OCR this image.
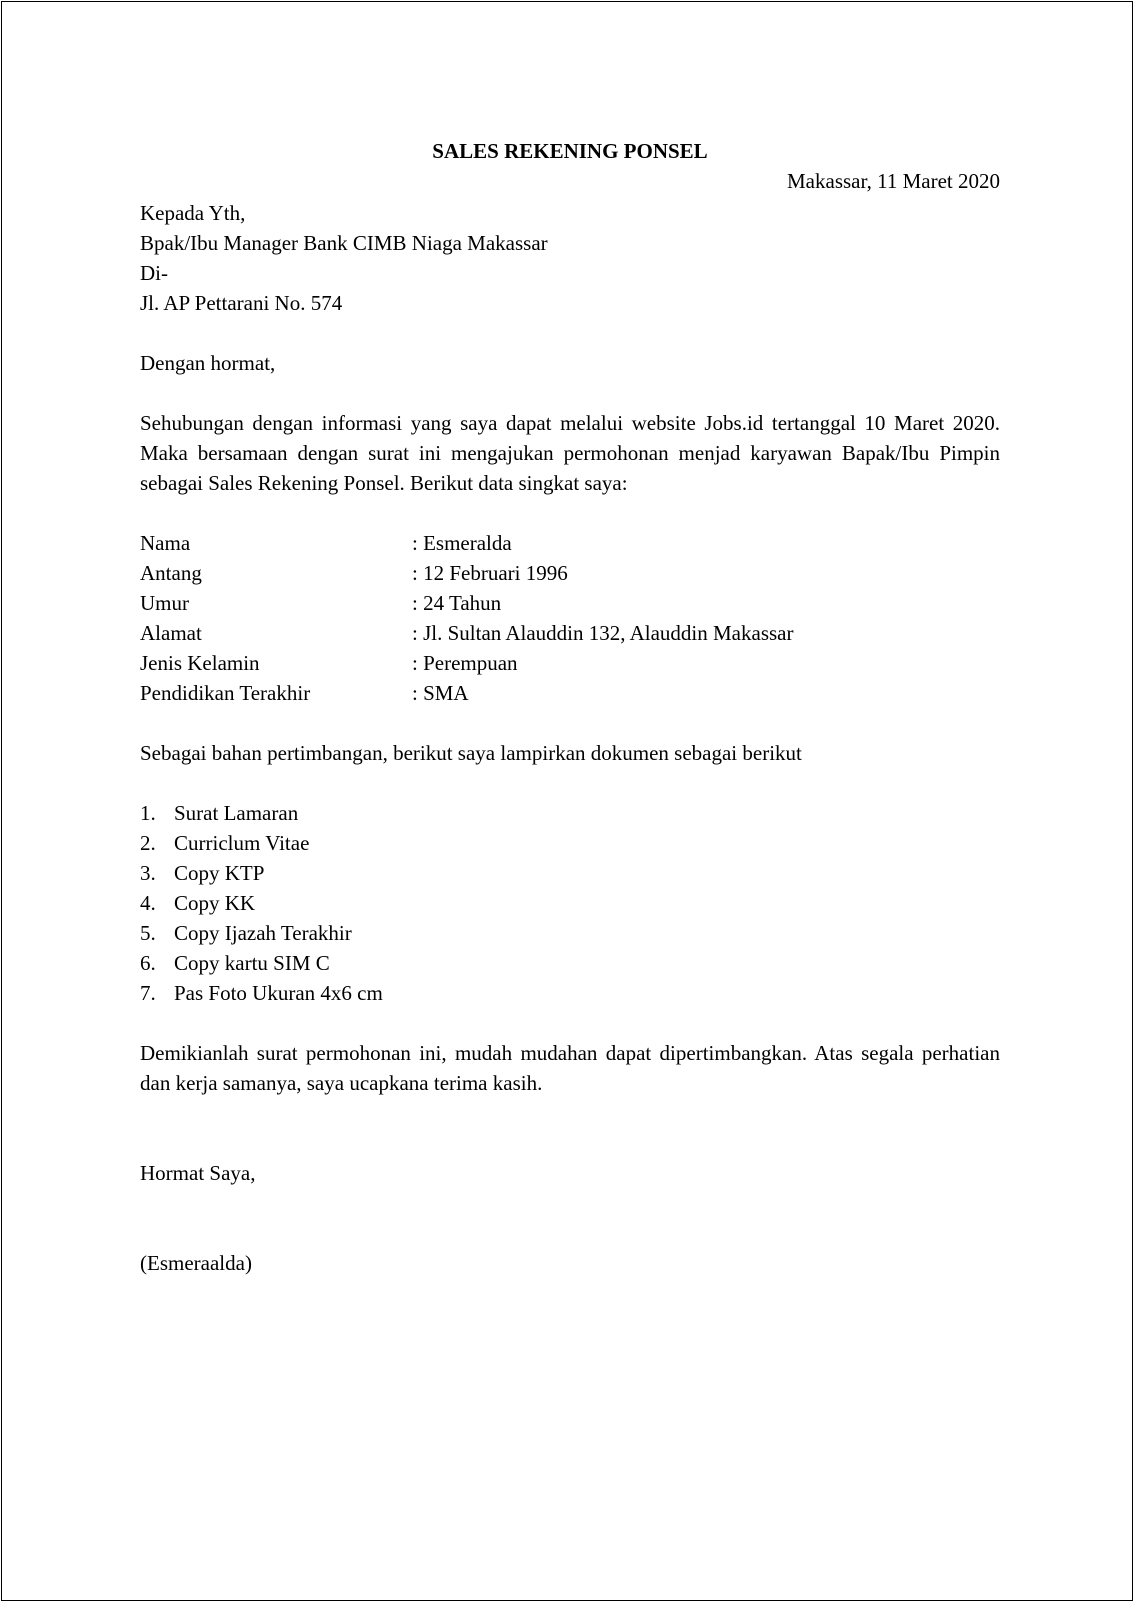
SALES REKENING PONSEL

Makassar, 11 Maret 2020

Kepada Yth,

Bpak/Ibu Manager Bank CIMB Niaga Makassar

Di-

Jl. AP Pettarani No. 574

Dengan hormat,

Sehubungan dengan informasi yang saya dapat melalui website Jobs.id tertanggal 10 Maret 2020. Maka bersamaan dengan surat ini mengajukan permohonan menjad karyawan Bapak/Ibu Pimpin sebagai Sales Rekening Ponsel. Berikut data singkat saya:

Nama	: Esmeralda
Antang	: 12 Februari 1996
Umur	: 24 Tahun
Alamat	: Jl. Sultan Alauddin 132, Alauddin Makassar
Jenis Kelamin	: Perempuan
Pendidikan Terakhir	: SMA

Sebagai bahan pertimbangan, berikut saya lampirkan dokumen sebagai berikut

1. Surat Lamaran
2. Curriclum Vitae
3. Copy KTP
4. Copy KK
5. Copy Ijazah Terakhir
6. Copy kartu SIM C
7. Pas Foto Ukuran 4x6 cm

Demikianlah surat permohonan ini, mudah mudahan dapat dipertimbangkan. Atas segala perhatian dan kerja samanya, saya ucapkana terima kasih.

Hormat Saya,

(Esmeraalda)
